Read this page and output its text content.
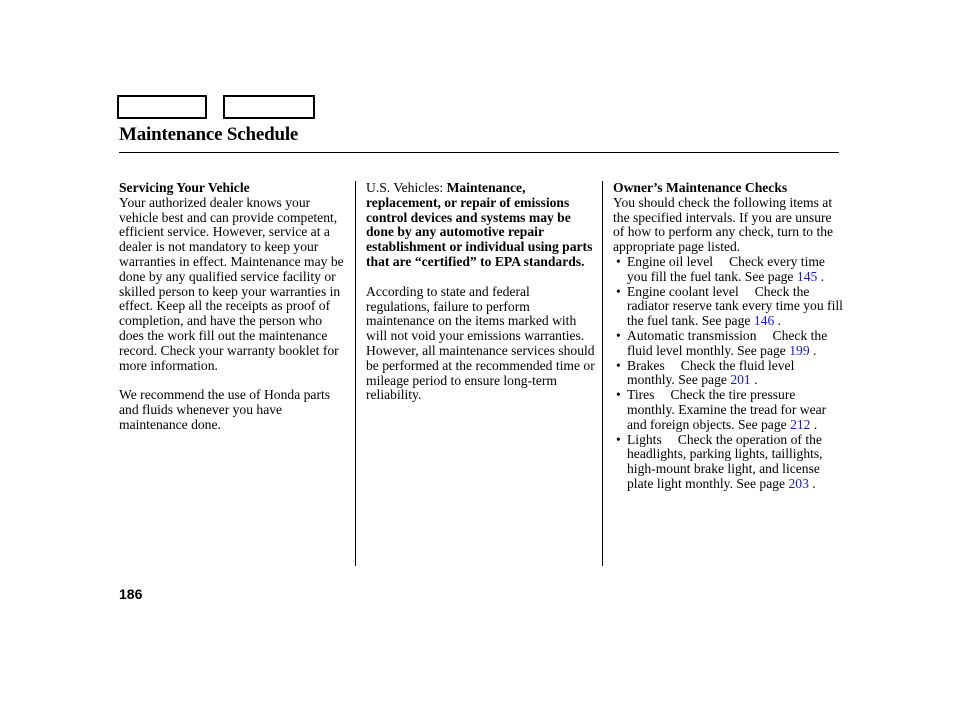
Maintenance Schedule

Servicing Your Vehicle

Your authorized dealer knows your vehicle best and can provide competent, efficient service. However, service at a dealer is not mandatory to keep your warranties in effect. Maintenance may be done by any qualified service facility or skilled person to keep your warranties in effect. Keep all the receipts as proof of completion, and have the person who does the work fill out the maintenance record. Check your warranty booklet for more information.

We recommend the use of Honda parts and fluids whenever you have maintenance done.

U.S. Vehicles: Maintenance, replacement, or repair of emissions control devices and systems may be done by any automotive repair establishment or individual using parts that are “certified” to EPA standards.

According to state and federal regulations, failure to perform maintenance on the items marked with  will not void your emissions warranties. However, all maintenance services should be performed at the recommended time or mileage period to ensure long-term reliability.

Owner’s Maintenance Checks

You should check the following items at the specified intervals. If you are unsure of how to perform any check, turn to the appropriate page listed.

• Engine oil level Check every time you fill the fuel tank. See page 145 .
• Engine coolant level Check the radiator reserve tank every time you fill the fuel tank. See page 146 .
• Automatic transmission Check the fluid level monthly. See page 199 .
• Brakes Check the fluid level monthly. See page 201 .
• Tires Check the tire pressure monthly. Examine the tread for wear and foreign objects. See page 212 .
• Lights Check the operation of the headlights, parking lights, taillights, high-mount brake light, and license plate light monthly. See page 203 .
186
